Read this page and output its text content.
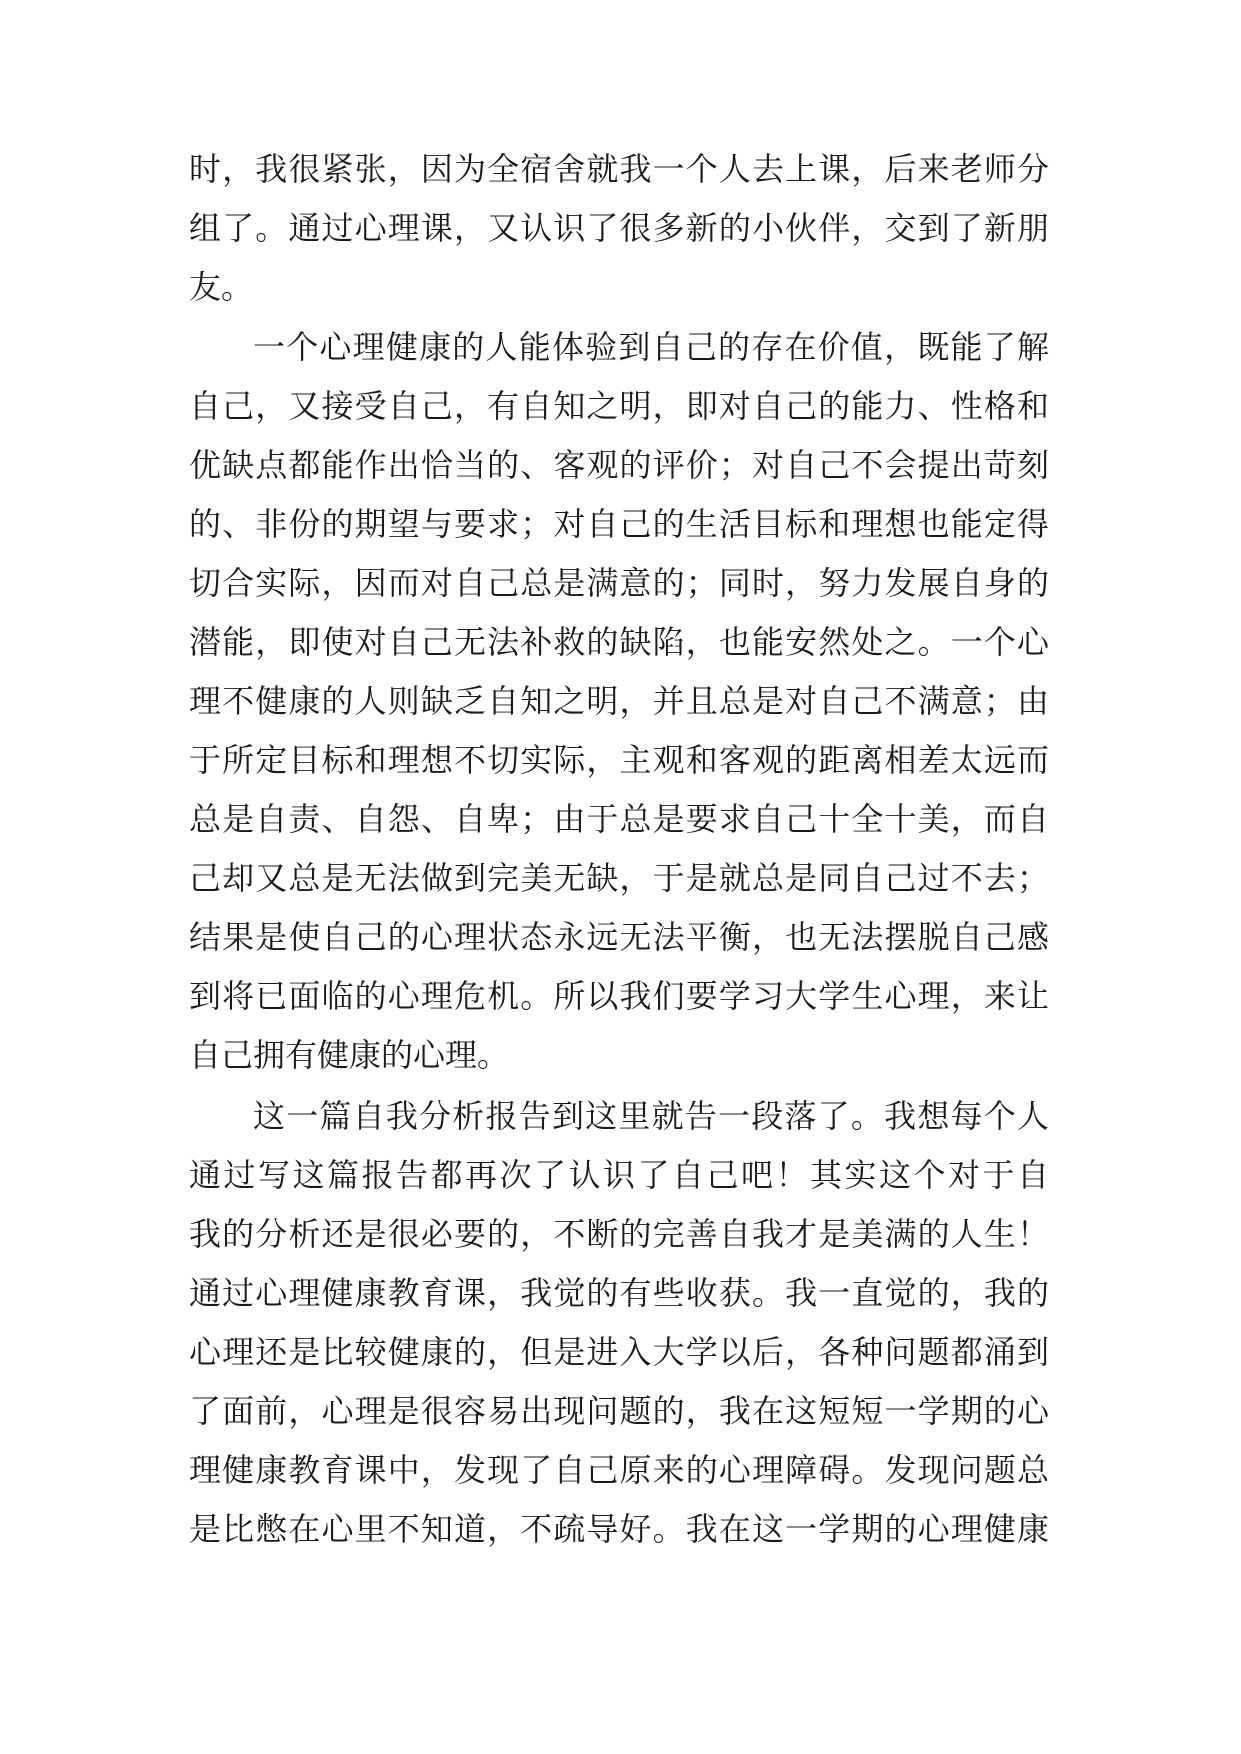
时，我很紧张，因为全宿舍就我一个人去上课，后来老师分
组了。通过心理课，又认识了很多新的小伙伴，交到了新朋
友。
一个心理健康的人能体验到自己的存在价值，既能了解
自己，又接受自己，有自知之明，即对自己的能力、性格和
优缺点都能作出恰当的、客观的评价；对自己不会提出苛刻
的、非份的期望与要求；对自己的生活目标和理想也能定得
切合实际，因而对自己总是满意的；同时，努力发展自身的
潜能，即使对自己无法补救的缺陷，也能安然处之。一个心
理不健康的人则缺乏自知之明，并且总是对自己不满意；由
于所定目标和理想不切实际，主观和客观的距离相差太远而
总是自责、自怨、自卑；由于总是要求自己十全十美，而自
己却又总是无法做到完美无缺，于是就总是同自己过不去；
结果是使自己的心理状态永远无法平衡，也无法摆脱自己感
到将已面临的心理危机。所以我们要学习大学生心理，来让
自己拥有健康的心理。
这一篇自我分析报告到这里就告一段落了。我想每个人
通过写这篇报告都再次了认识了自己吧！其实这个对于自
我的分析还是很必要的，不断的完善自我才是美满的人生！
通过心理健康教育课，我觉的有些收获。我一直觉的，我的
心理还是比较健康的，但是进入大学以后，各种问题都涌到
了面前，心理是很容易出现问题的，我在这短短一学期的心
理健康教育课中，发现了自己原来的心理障碍。发现问题总
是比憋在心里不知道，不疏导好。我在这一学期的心理健康
